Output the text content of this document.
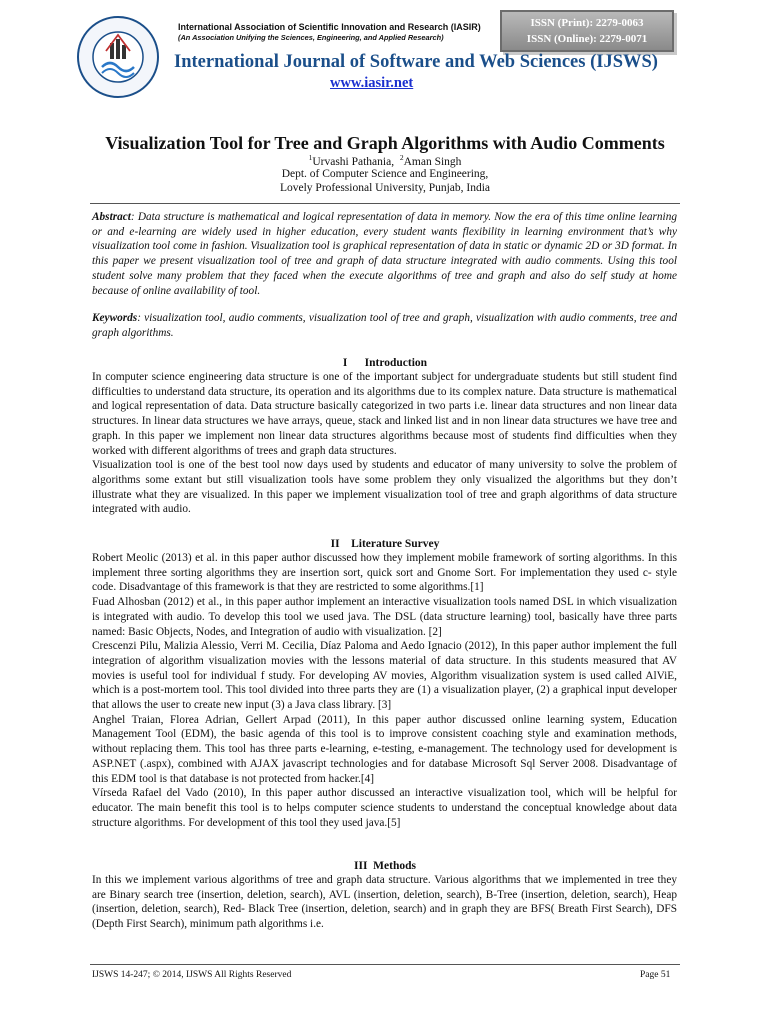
International Association of Scientific Innovation and Research (IASIR)
(An Association Unifying the Sciences, Engineering, and Applied Research)
ISSN (Print): 2279-0063
ISSN (Online): 2279-0071
International Journal of Software and Web Sciences (IJSWS)
www.iasir.net
Visualization Tool for Tree and Graph Algorithms with Audio Comments
$^1$Urvashi Pathania, $^2$Aman Singh
Dept. of Computer Science and Engineering,
Lovely Professional University, Punjab, India
Abstract: Data structure is mathematical and logical representation of data in memory. Now the era of this time online learning or and e-learning are widely used in higher education, every student wants flexibility in learning environment that’s why visualization tool come in fashion. Visualization tool is graphical representation of data in static or dynamic 2D or 3D format. In this paper we present visualization tool of tree and graph of data structure integrated with audio comments. Using this tool student solve many problem that they faced when the execute algorithms of tree and graph and also do self study at home because of online availability of tool.
Keywords: visualization tool, audio comments, visualization tool of tree and graph, visualization with audio comments, tree and graph algorithms.
I      Introduction

In computer science engineering data structure is one of the important subject for undergraduate students but still student find difficulties to understand data structure, its operation and its algorithms due to its complex nature. Data structure is mathematical and logical representation of data. Data structure basically categorized in two parts i.e. linear data structures and non linear data structures. In linear data structures we have arrays, queue, stack and linked list and in non linear data structures we have tree and graph. In this paper we implement non linear data structures algorithms because most of students find difficulties when they worked with different algorithms of trees and graph data structures.

Visualization tool is one of the best tool now days used by students and educator of many university to solve the problem of algorithms some extant but still visualization tools have some problem they only visualized the algorithms but they don’t illustrate what they are visualized. In this paper we implement visualization tool of tree and graph algorithms of data structure integrated with audio.

II    Literature Survey

Robert Meolic (2013) et al. in this paper author discussed how they implement mobile framework of sorting algorithms. In this implement three sorting algorithms they are insertion sort, quick sort and Gnome Sort. For implementation they used c- style code. Disadvantage of this framework is that they are restricted to some algorithms.[1]

Fuad Alhosban (2012) et al., in this paper author implement an interactive visualization tools named DSL in which visualization is integrated with audio. To develop this tool we used java. The DSL (data structure learning) tool, basically have three parts named: Basic Objects, Nodes, and Integration of audio with visualization. [2]

Crescenzi Pilu, Malizia Alessio, Verri M. Cecilia, Díaz Paloma and Aedo Ignacio (2012), In this paper author implement the full integration of algorithm visualization movies with the lessons material of data structure. In this students measured that AV movies is useful tool for individual f study. For developing AV movies, Algorithm visualization system is used called AlViE, which is a post-mortem tool. This tool divided into three parts they are (1) a visualization player, (2) a graphical input developer that allows the user to create new input (3) a Java class library. [3]

Anghel Traian, Florea Adrian, Gellert Arpad (2011), In this paper author discussed online learning system, Education Management Tool (EDM), the basic agenda of this tool is to improve consistent coaching style and examination methods, without replacing them. This tool has three parts e-learning, e-testing, e-management. The technology used for development is ASP.NET (.aspx), combined with AJAX javascript technologies and for database Microsoft Sql Server 2008. Disadvantage of this EDM tool is that database is not protected from hacker.[4]

Vírseda Rafael del Vado (2010), In this paper author discussed an interactive visualization tool, which will be helpful for educator. The main benefit this tool is to helps computer science students to understand the conceptual knowledge about data structure algorithms. For development of this tool they used java.[5]

III  Methods

In this we implement various algorithms of tree and graph data structure. Various algorithms that we implemented in tree they are Binary search tree (insertion, deletion, search), AVL (insertion, deletion, search), B-Tree (insertion, deletion, search), Heap (insertion, deletion, search), Red- Black Tree (insertion, deletion, search) and in graph they are BFS( Breath First Search), DFS (Depth First Search), minimum path algorithms i.e.

IJSWS 14-247; © 2014, IJSWS All Rights Reserved	Page 51
